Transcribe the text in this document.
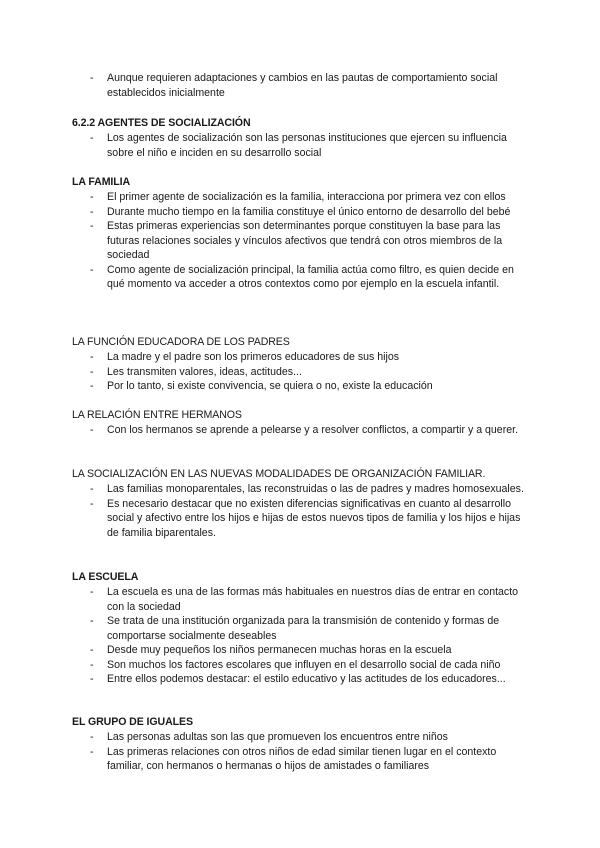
- Aunque requieren adaptaciones y cambios en las pautas de comportamiento social establecidos inicialmente
6.2.2 AGENTES DE SOCIALIZACIÓN
- Los agentes de socialización son las personas instituciones que ejercen su influencia sobre el niño e inciden en su desarrollo social
LA FAMILIA
- El primer agente de socialización es la familia, interacciona por primera vez con ellos
- Durante mucho tiempo en la familia constituye el único entorno de desarrollo del bebé
- Estas primeras experiencias son determinantes porque constituyen la base para las futuras relaciones sociales y vínculos afectivos que tendrá con otros miembros de la sociedad
- Como agente de socialización principal, la familia actúa como filtro, es quien decide en qué momento va acceder a otros contextos como por ejemplo en la escuela infantil.
LA FUNCIÓN EDUCADORA DE LOS PADRES
- La madre y el padre son los primeros educadores de sus hijos
- Les transmiten valores, ideas, actitudes...
- Por lo tanto, si existe convivencia, se quiera o no, existe la educación
LA RELACIÓN ENTRE HERMANOS
- Con los hermanos se aprende a pelearse y a resolver conflictos, a compartir y a querer.
LA SOCIALIZACIÓN EN LAS NUEVAS MODALIDADES DE ORGANIZACIÓN FAMILIAR.
- Las familias monoparentales, las reconstruidas o las de padres y madres homosexuales.
- Es necesario destacar que no existen diferencias significativas en cuanto al desarrollo social y afectivo entre los hijos e hijas de estos nuevos tipos de familia y los hijos e hijas de familia biparentales.
LA ESCUELA
- La escuela es una de las formas más habituales en nuestros días de entrar en contacto con la sociedad
- Se trata de una institución organizada para la transmisión de contenido y formas de comportarse socialmente deseables
- Desde muy pequeños los niños permanecen muchas horas en la escuela
- Son muchos los factores escolares que influyen en el desarrollo social de cada niño
- Entre ellos podemos destacar: el estilo educativo y las actitudes de los educadores...
EL GRUPO DE IGUALES
- Las personas adultas son las que promueven los encuentros entre niños
- Las primeras relaciones con otros niños de edad similar tienen lugar en el contexto familiar, con hermanos o hermanas o hijos de amistades o familiares
